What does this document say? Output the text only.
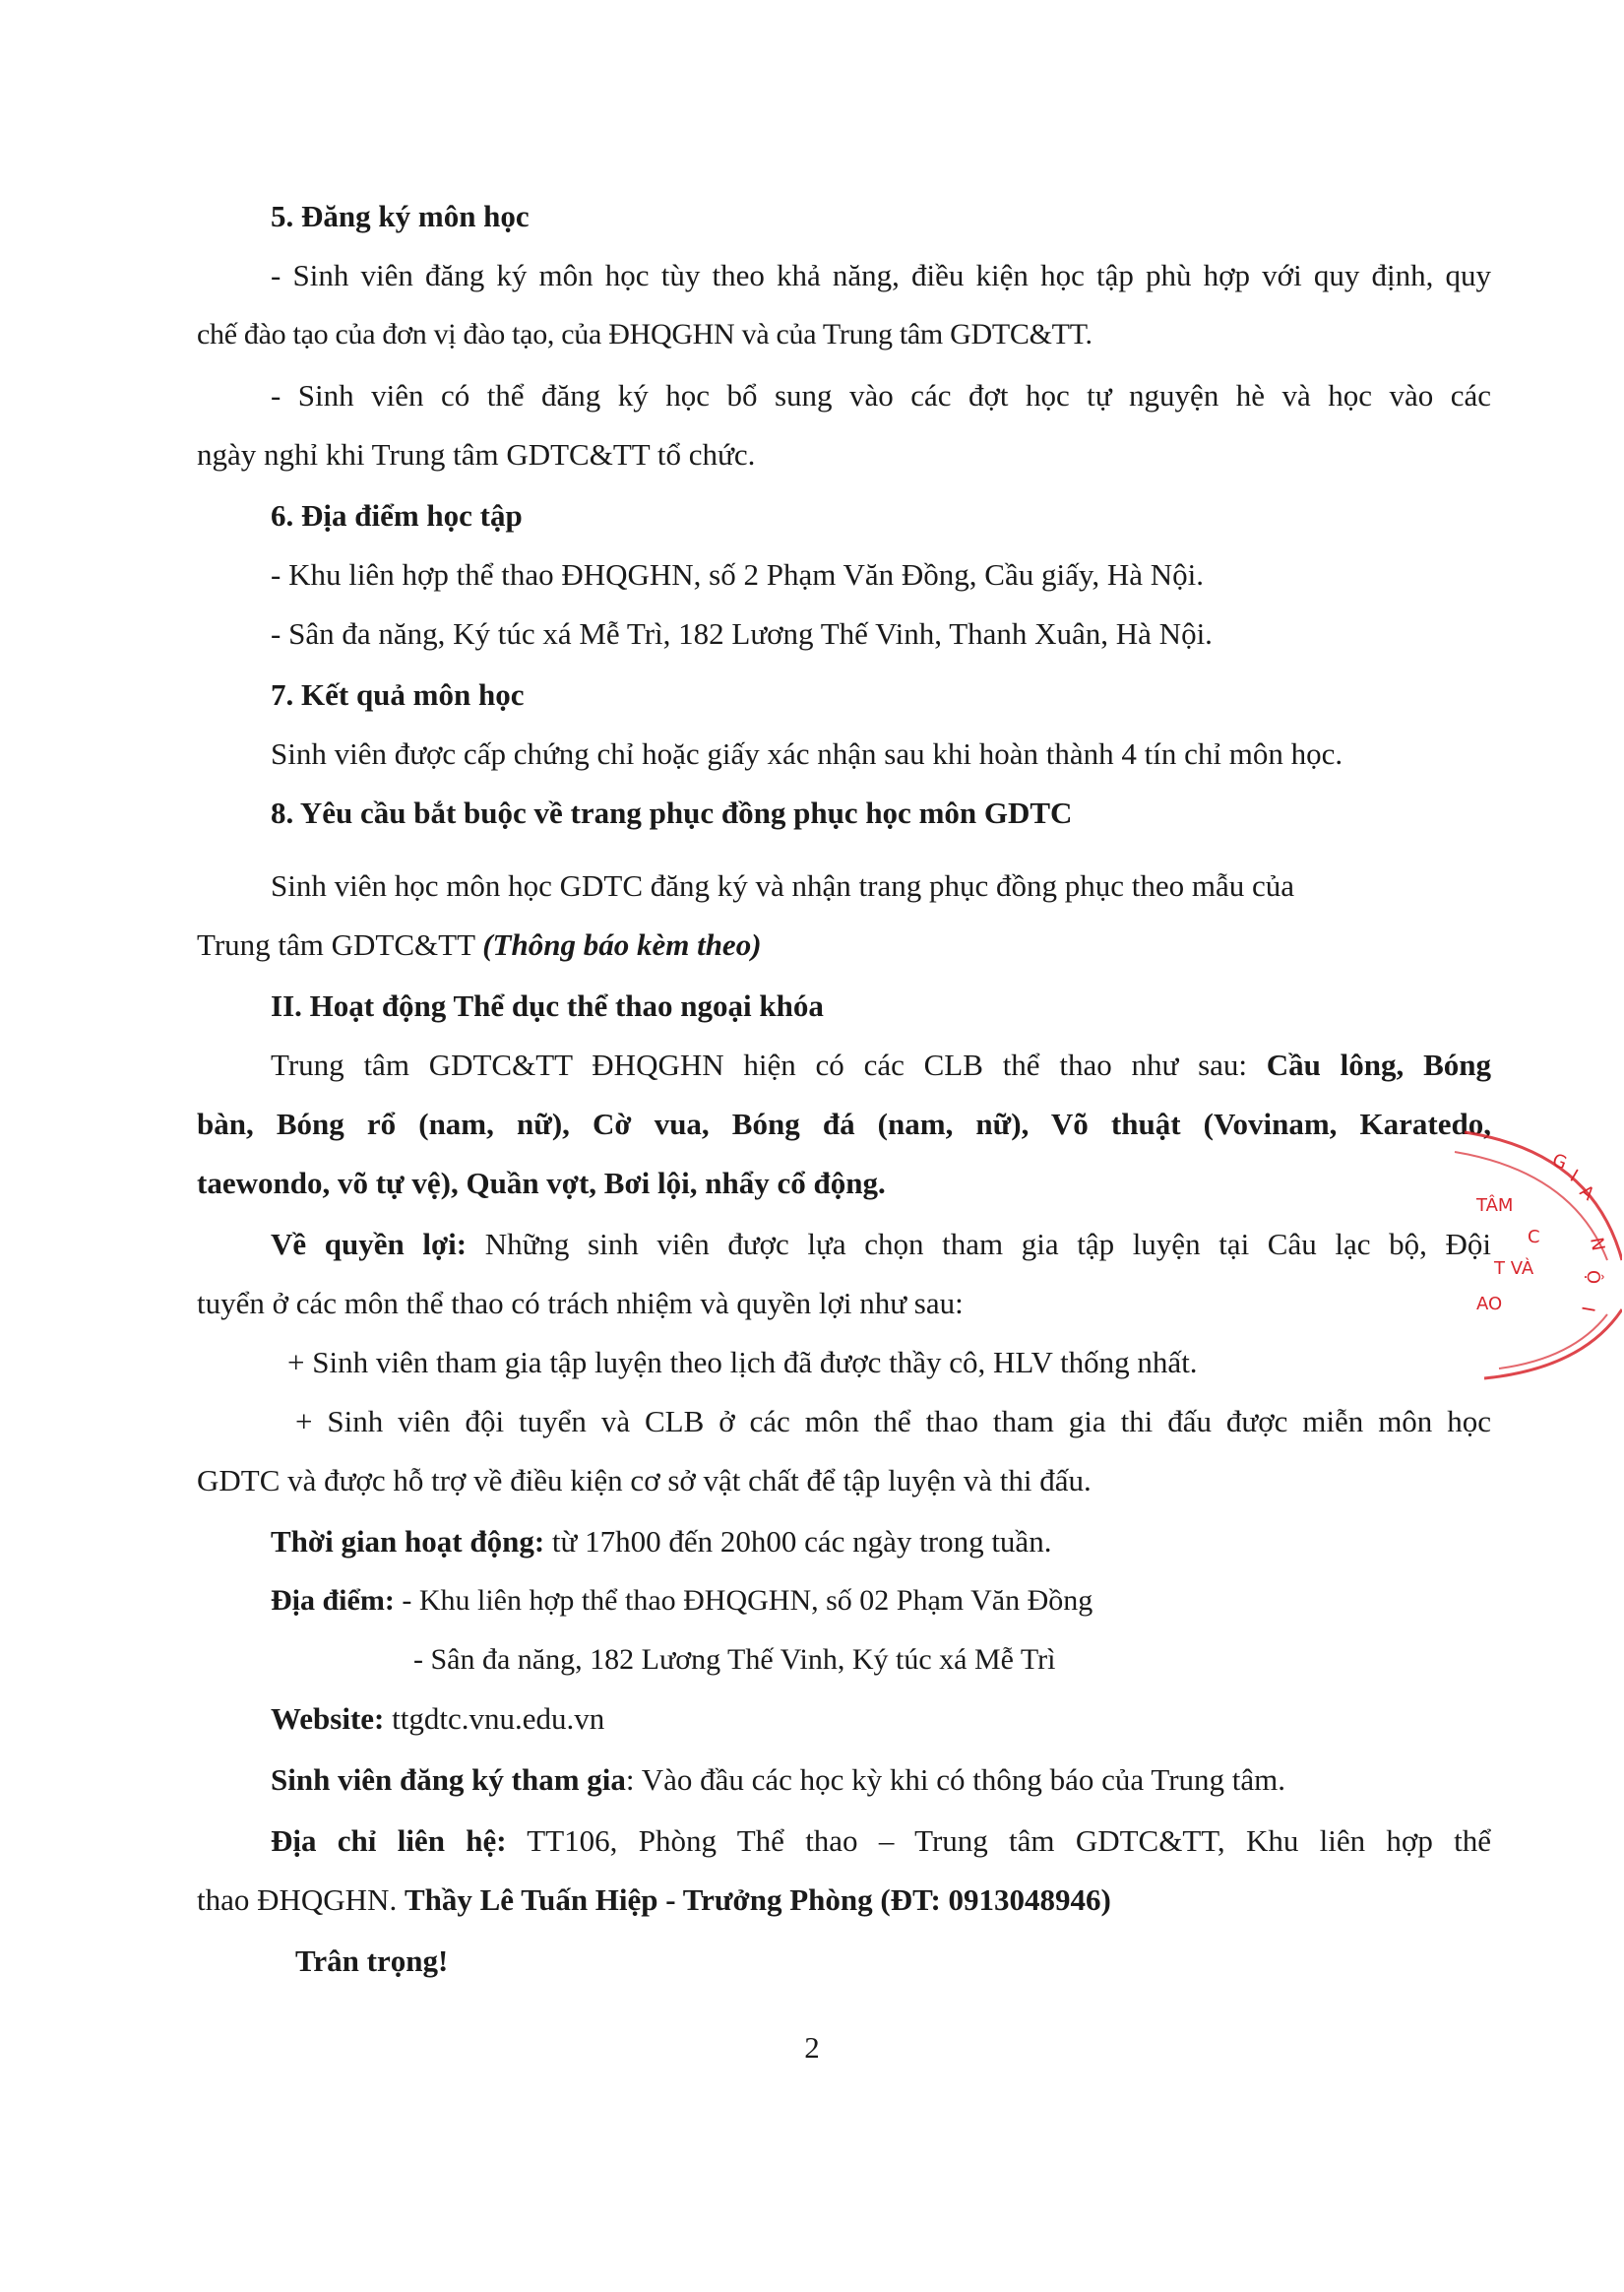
5. Đăng ký môn học
- Sinh viên đăng ký môn học tùy theo khả năng, điều kiện học tập phù hợp với quy định, quy
chế đào tạo của đơn vị đào tạo, của ĐHQGHN và của Trung tâm GDTC&TT.
- Sinh viên có thể đăng ký học bổ sung vào các đợt học tự nguyện hè và học vào các
ngày nghỉ khi Trung tâm GDTC&TT tổ chức.
6. Địa điểm học tập
- Khu liên hợp thể thao ĐHQGHN, số 2 Phạm Văn Đồng, Cầu giấy, Hà Nội.
- Sân đa năng, Ký túc xá Mễ Trì, 182 Lương Thế Vinh, Thanh Xuân, Hà Nội.
7. Kết quả môn học
Sinh viên được cấp chứng chỉ hoặc giấy xác nhận sau khi hoàn thành 4 tín chỉ môn học.
8. Yêu cầu bắt buộc về trang phục đồng phục học môn GDTC
Sinh viên học môn học GDTC đăng ký và nhận trang phục đồng phục theo mẫu của
Trung tâm GDTC&TT (Thông báo kèm theo)
II. Hoạt động Thể dục thể thao ngoại khóa
Trung tâm GDTC&TT ĐHQGHN hiện có các CLB thể thao như sau: Cầu lông, Bóng
bàn, Bóng rổ (nam, nữ), Cờ vua, Bóng đá (nam, nữ), Võ thuật (Vovinam, Karatedo,
taewondo, võ tự vệ), Quần vợt, Bơi lội, nhẩy cổ động.
Về quyền lợi: Những sinh viên được lựa chọn tham gia tập luyện tại Câu lạc bộ, Đội
tuyển ở các môn thể thao có trách nhiệm và quyền lợi như sau:
+ Sinh viên tham gia tập luyện theo lịch đã được thầy cô, HLV thống nhất.
+ Sinh viên đội tuyển và CLB ở các môn thể thao tham gia thi đấu được miễn môn học
GDTC và được hỗ trợ về điều kiện cơ sở vật chất để tập luyện và thi đấu.
Thời gian hoạt động: từ 17h00 đến 20h00 các ngày trong tuần.
Địa điểm: - Khu liên hợp thể thao ĐHQGHN, số 02 Phạm Văn Đồng
- Sân đa năng, 182 Lương Thế Vinh, Ký túc xá Mễ Trì
Website: ttgdtc.vnu.edu.vn
Sinh viên đăng ký tham gia: Vào đầu các học kỳ khi có thông báo của Trung tâm.
Địa chỉ liên hệ: TT106, Phòng Thể thao – Trung tâm GDTC&TT, Khu liên hợp thể
thao ĐHQGHN. Thầy Lê Tuấn Hiệp - Trưởng Phòng (ĐT: 0913048946)
Trân trọng!
2
G
I
A
TÂM
C
T VÀ
AO
N
Ộ
I
